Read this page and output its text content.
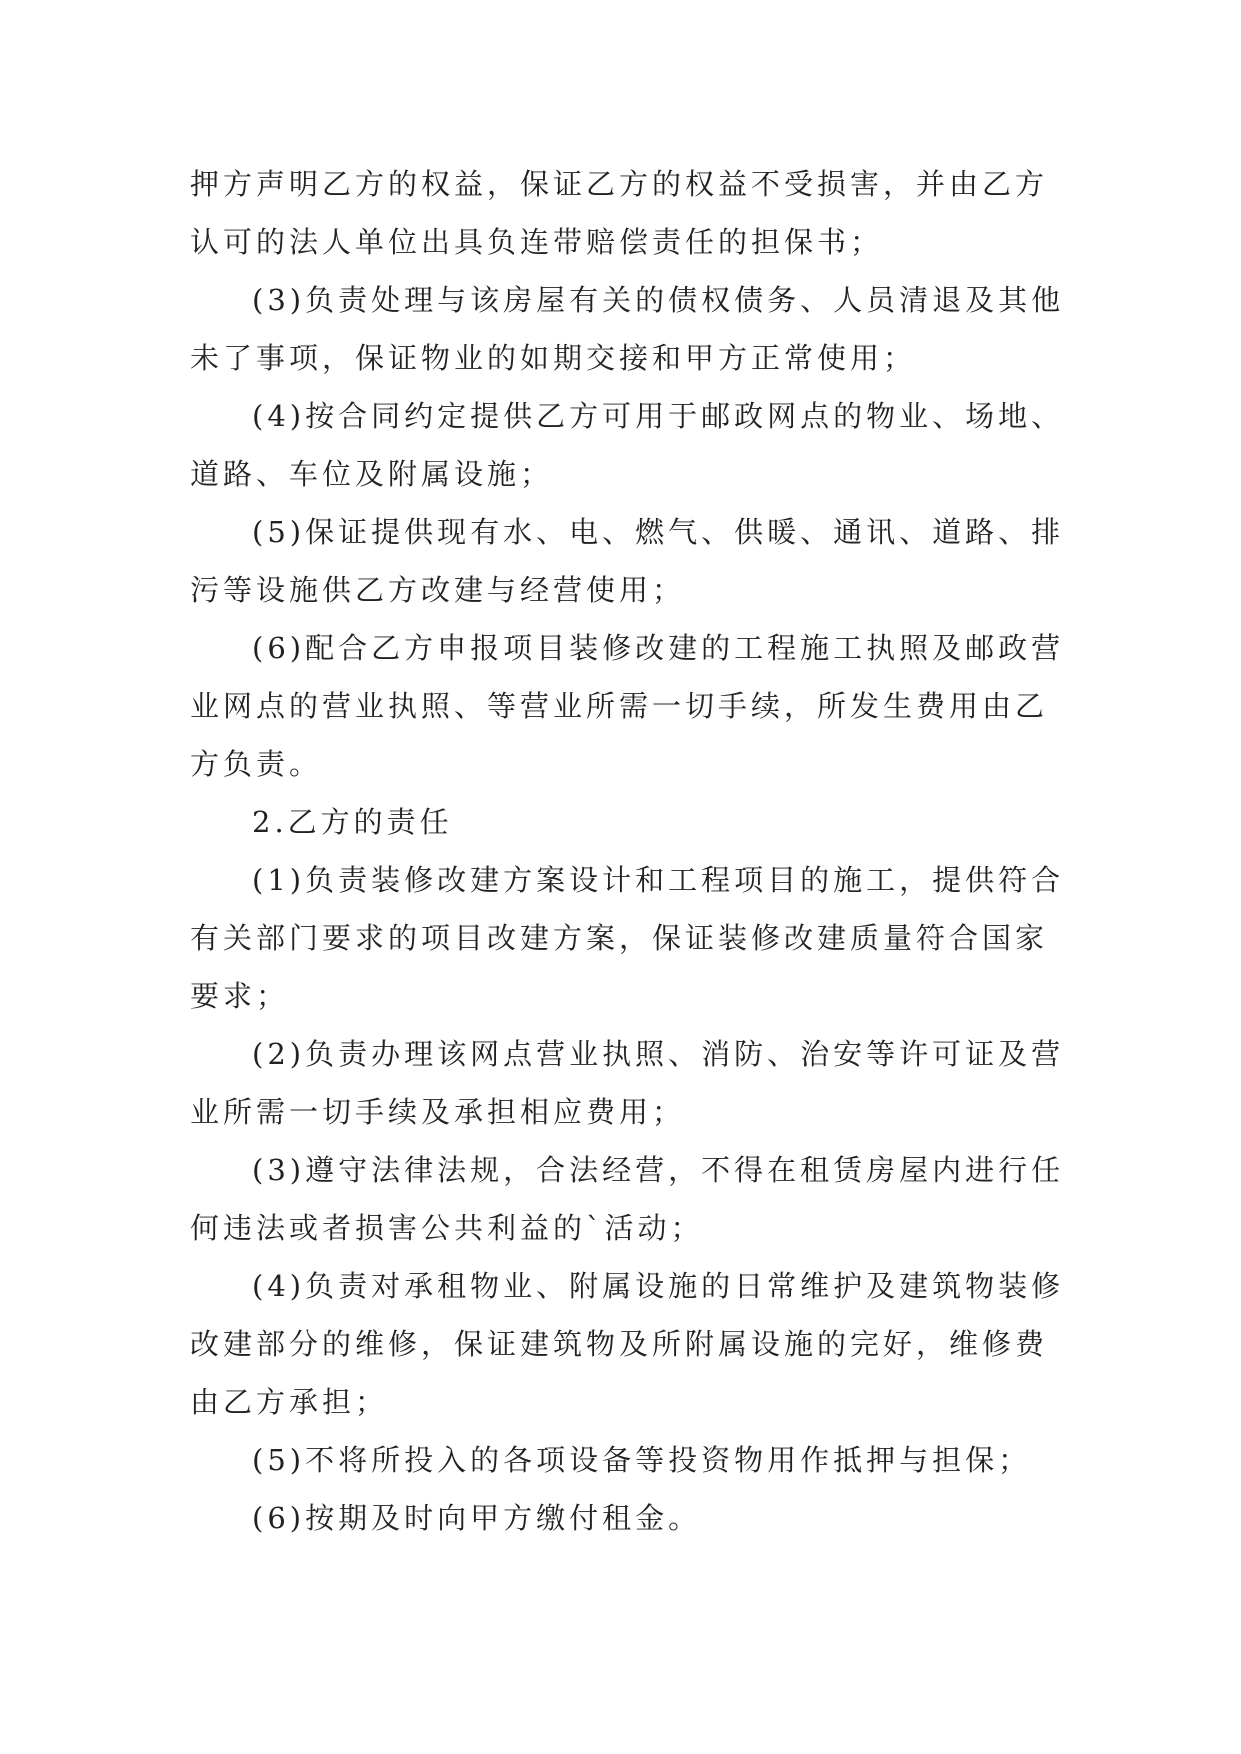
押方声明乙方的权益，保证乙方的权益不受损害，并由乙方认可的法人单位出具负连带赔偿责任的担保书；

(3)负责处理与该房屋有关的债权债务、人员清退及其他未了事项，保证物业的如期交接和甲方正常使用；

(4)按合同约定提供乙方可用于邮政网点的物业、场地、道路、车位及附属设施；

(5)保证提供现有水、电、燃气、供暖、通讯、道路、排污等设施供乙方改建与经营使用；

(6)配合乙方申报项目装修改建的工程施工执照及邮政营业网点的营业执照、等营业所需一切手续，所发生费用由乙方负责。

2.乙方的责任

(1)负责装修改建方案设计和工程项目的施工，提供符合有关部门要求的项目改建方案，保证装修改建质量符合国家要求；

(2)负责办理该网点营业执照、消防、治安等许可证及营业所需一切手续及承担相应费用；

(3)遵守法律法规，合法经营，不得在租赁房屋内进行任何违法或者损害公共利益的`活动；

(4)负责对承租物业、附属设施的日常维护及建筑物装修改建部分的维修，保证建筑物及所附属设施的完好，维修费由乙方承担；

(5)不将所投入的各项设备等投资物用作抵押与担保；

(6)按期及时向甲方缴付租金。
